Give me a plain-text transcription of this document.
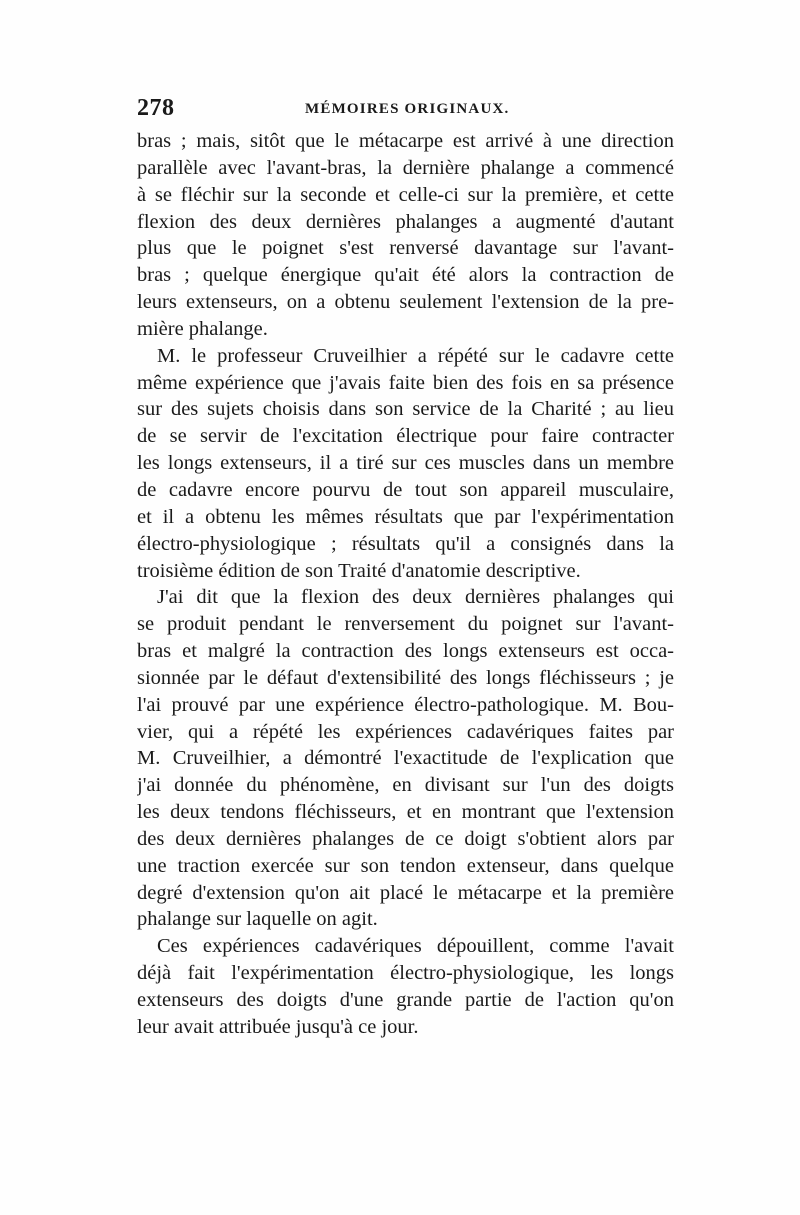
278	MÉMOIRES ORIGINAUX.
bras ; mais, sitôt que le métacarpe est arrivé à une direction
parallèle avec l'avant-bras, la dernière phalange a commencé
à se fléchir sur la seconde et celle-ci sur la première, et cette
flexion des deux dernières phalanges a augmenté d'autant
plus que le poignet s'est renversé davantage sur l'avant-
bras ; quelque énergique qu'ait été alors la contraction de
leurs extenseurs, on a obtenu seulement l'extension de la pre-
mière phalange.
M. le professeur Cruveilhier a répété sur le cadavre cette
même expérience que j'avais faite bien des fois en sa présence
sur des sujets choisis dans son service de la Charité ; au lieu
de se servir de l'excitation électrique pour faire contracter
les longs extenseurs, il a tiré sur ces muscles dans un membre
de cadavre encore pourvu de tout son appareil musculaire,
et il a obtenu les mêmes résultats que par l'expérimentation
électro-physiologique ; résultats qu'il a consignés dans la
troisième édition de son Traité d'anatomie descriptive.
J'ai dit que la flexion des deux dernières phalanges qui
se produit pendant le renversement du poignet sur l'avant-
bras et malgré la contraction des longs extenseurs est occa-
sionnée par le défaut d'extensibilité des longs fléchisseurs ; je
l'ai prouvé par une expérience électro-pathologique. M. Bou-
vier, qui a répété les expériences cadavériques faites par
M. Cruveilhier, a démontré l'exactitude de l'explication que
j'ai donnée du phénomène, en divisant sur l'un des doigts
les deux tendons fléchisseurs, et en montrant que l'extension
des deux dernières phalanges de ce doigt s'obtient alors par
une traction exercée sur son tendon extenseur, dans quelque
degré d'extension qu'on ait placé le métacarpe et la première
phalange sur laquelle on agit.
Ces expériences cadavériques dépouillent, comme l'avait
déjà fait l'expérimentation électro-physiologique, les longs
extenseurs des doigts d'une grande partie de l'action qu'on
leur avait attribuée jusqu'à ce jour.
